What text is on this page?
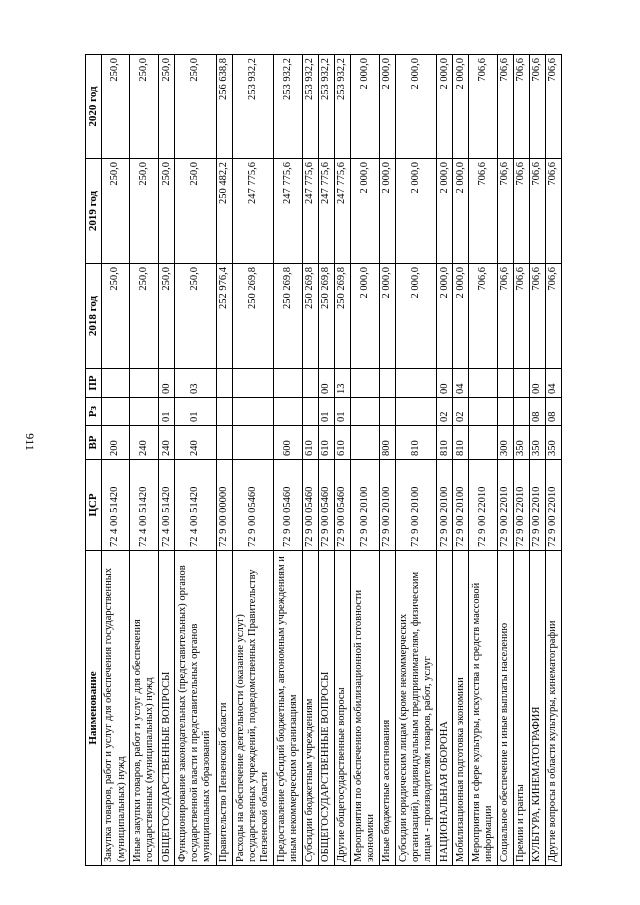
911
Наименование	ЦСР	ВР	Рз	ПР	2018 год	2019 год	2020 год
Закупка товаров, работ и услуг для обеспечения государственных (муниципальных) нужд	72 4 00 51420	200			250,0	250,0	250,0
Иные закупки товаров, работ и услуг для обеспечения государственных (муниципальных) нужд	72 4 00 51420	240			250,0	250,0	250,0
ОБЩЕГОСУДАРСТВЕННЫЕ ВОПРОСЫ	72 4 00 51420	240	01	00	250,0	250,0	250,0
Функционирование законодательных (представительных) органов государственной власти и представительных органов муниципальных образований	72 4 00 51420	240	01	03	250,0	250,0	250,0
Правительство Пензенской области	72 9 00 00000				252 976,4	250 482,2	256 638,8
Расходы на обеспечение деятельности (оказание услуг) государственных учреждений, подведомственных Правительству Пензенской области	72 9 00 05460				250 269,8	247 775,6	253 932,2
Предоставление субсидий бюджетным, автономным учреждениям и иным некоммерческим организациям	72 9 00 05460	600			250 269,8	247 775,6	253 932,2
Субсидии бюджетным учреждениям	72 9 00 05460	610			250 269,8	247 775,6	253 932,2
ОБЩЕГОСУДАРСТВЕННЫЕ ВОПРОСЫ	72 9 00 05460	610	01	00	250 269,8	247 775,6	253 932,2
Другие общегосударственные вопросы	72 9 00 05460	610	01	13	250 269,8	247 775,6	253 932,2
Мероприятия по обеспечению мобилизационной готовности экономики	72 9 00 20100				2 000,0	2 000,0	2 000,0
Иные бюджетные ассигнования	72 9 00 20100	800			2 000,0	2 000,0	2 000,0
Субсидии юридическим лицам (кроме некоммерческих организаций), индивидуальным предпринимателям, физическим лицам - производителям товаров, работ, услуг	72 9 00 20100	810			2 000,0	2 000,0	2 000,0
НАЦИОНАЛЬНАЯ ОБОРОНА	72 9 00 20100	810	02	00	2 000,0	2 000,0	2 000,0
Мобилизационная подготовка экономики	72 9 00 20100	810	02	04	2 000,0	2 000,0	2 000,0
Мероприятия в сфере культуры, искусства и средств массовой информации	72 9 00 22010				706,6	706,6	706,6
Социальное обеспечение и иные выплаты населению	72 9 00 22010	300			706,6	706,6	706,6
Премии и гранты	72 9 00 22010	350			706,6	706,6	706,6
КУЛЬТУРА, КИНЕМАТОГРАФИЯ	72 9 00 22010	350	08	00	706,6	706,6	706,6
Другие вопросы в области культуры, кинематографии	72 9 00 22010	350	08	04	706,6	706,6	706,6
